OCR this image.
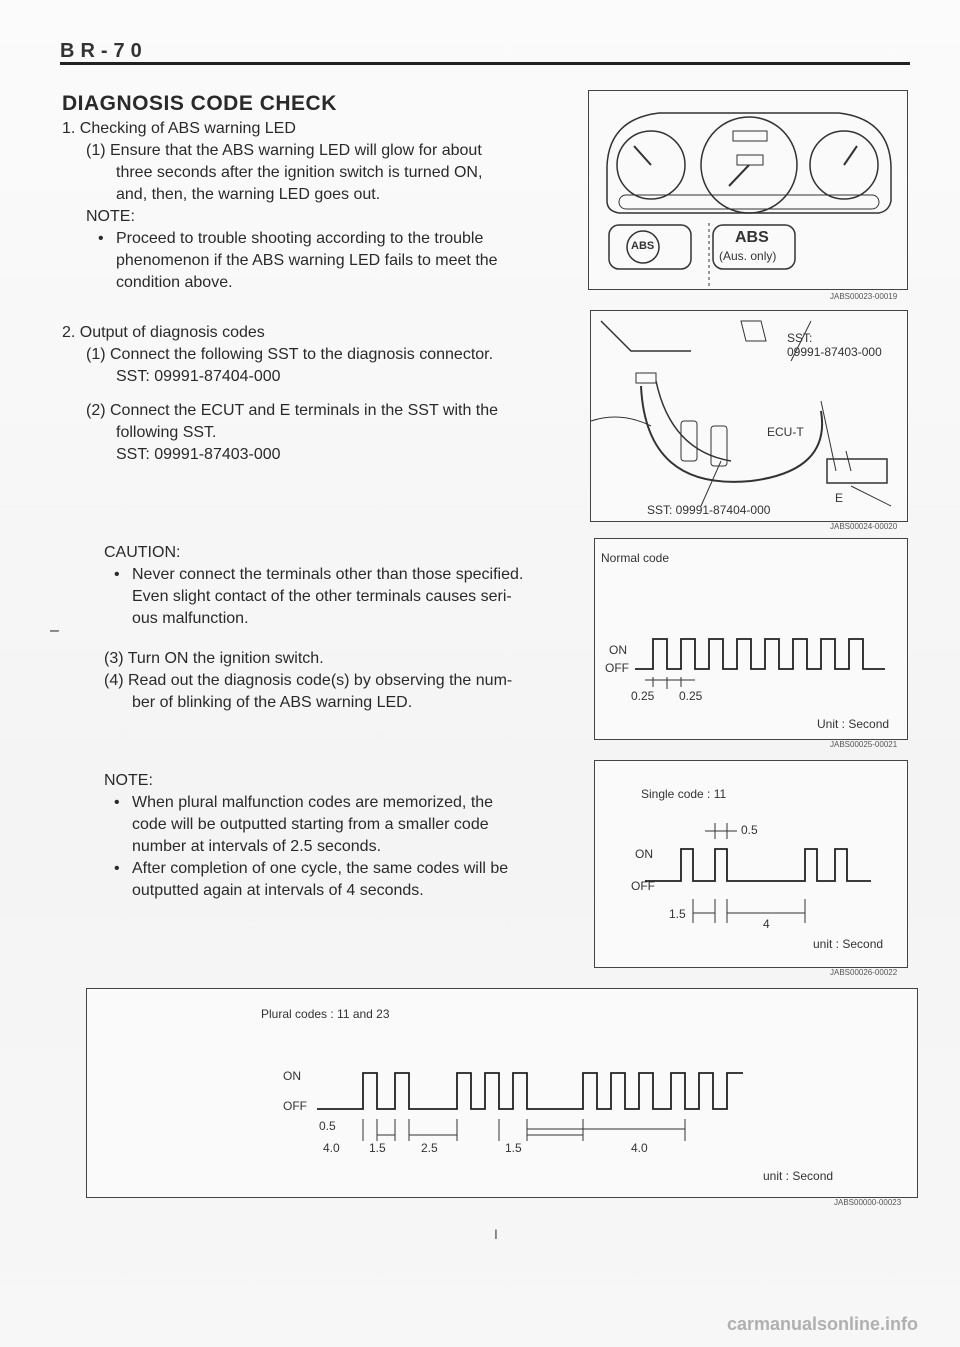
BR-70
DIAGNOSIS CODE CHECK
1. Checking of ABS warning LED
(1) Ensure that the ABS warning LED will glow for about
three seconds after the ignition switch is turned ON,
and, then, the warning LED goes out.
NOTE:
• Proceed to trouble shooting according to the trouble
phenomenon if the ABS warning LED fails to meet the
condition above.
2. Output of diagnosis codes
(1) Connect the following SST to the diagnosis connector.
SST: 09991-87404-000
(2) Connect the ECUT and E terminals in the SST with the
following SST.
SST: 09991-87403-000
CAUTION:
• Never connect the terminals other than those specified.
Even slight contact of the other terminals causes seri-
ous malfunction.
(3) Turn ON the ignition switch.
(4) Read out the diagnosis code(s) by observing the num-
ber of blinking of the ABS warning LED.
NOTE:
• When plural malfunction codes are memorized, the
code will be outputted starting from a smaller code
number at intervals of 2.5 seconds.
• After completion of one cycle, the same codes will be
outputted again at intervals of 4 seconds.
–
ABS	ABS
(Aus. only)
JABS00023-00019
SST:
09991-87403-000
ECU-T
E
SST: 09991-87404-000
JABS00024-00020
Normal code
ON
OFF
0.25 0.25
Unit : Second
JABS00025-00021
Single code : 11
0.5
ON
OFF
1.5
4
unit : Second
JABS00026-00022
Plural codes : 11 and 23
ON
OFF
0.5
4.0 1.5	2.5	1.5	4.0
unit : Second
JABS00000-00023
I
carmanualsonline.info
